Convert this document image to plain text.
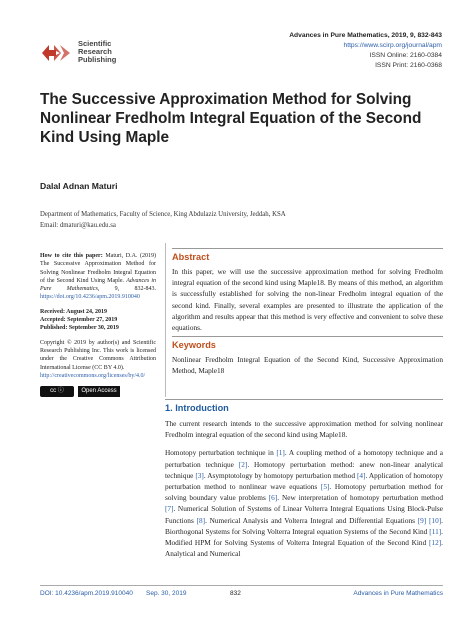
Scientific
Research
Publishing
Advances in Pure Mathematics, 2019, 9, 832-843
https://www.scirp.org/journal/apm
ISSN Online: 2160-0384
ISSN Print: 2160-0368
The Successive Approximation Method for Solving Nonlinear Fredholm Integral Equation of the Second Kind Using Maple
Dalal Adnan Maturi
Department of Mathematics, Faculty of Science, King Abdulaziz University, Jeddah, KSA
Email: dmaturi@kau.edu.sa

How to cite this paper: Maturi, D.A. (2019) The Successive Approximation Method for Solving Nonlinear Fredholm Integral Equation of the Second Kind Using Maple. Advances in Pure Mathematics, 9, 832-843. https://doi.org/10.4236/apm.2019.910040

Received: August 24, 2019
Accepted: September 27, 2019
Published: September 30, 2019

Copyright © 2019 by author(s) and Scientific Research Publishing Inc. This work is licensed under the Creative Commons Attribution International License (CC BY 4.0).
http://creativecommons.org/licenses/by/4.0/

cc ⓘ	Open Access
Abstract
In this paper, we will use the successive approximation method for solving Fredholm integral equation of the second kind using Maple18. By means of this method, an algorithm is successfully established for solving the non-linear Fredholm integral equation of the second kind. Finally, several examples are presented to illustrate the application of the algorithm and results appear that this method is very effective and convenient to solve these equations.
Keywords
Nonlinear Fredholm Integral Equation of the Second Kind, Successive Approximation Method, Maple18
1. Introduction

The current research intends to the successive approximation method for solving nonlinear Fredholm integral equation of the second kind using Maple18.

Homotopy perturbation technique in [1]. A coupling method of a homotopy technique and a perturbation technique [2]. Homotopy perturbation method: anew non-linear analytical technique [3]. Asymptotology by homotopy perturbation method [4]. Application of homotopy perturbation method to nonlinear wave equations [5]. Homotopy perturbation method for solving boundary value problems [6]. New interpretation of homotopy perturbation method [7]. Numerical Solution of Systems of Linear Volterra Integral Equations Using Block-Pulse Functions [8]. Numerical Analysis and Volterra Integral and Differential Equations [9] [10]. Biorthogonal Systems for Solving Volterra Integral equation Systems of the Second Kind [11]. Modified HPM for Solving Systems of Volterra Integral Equation of the Second Kind [12]. Analytical and Numerical

DOI: 10.4236/apm.2019.910040 Sep. 30, 2019	832	Advances in Pure Mathematics
